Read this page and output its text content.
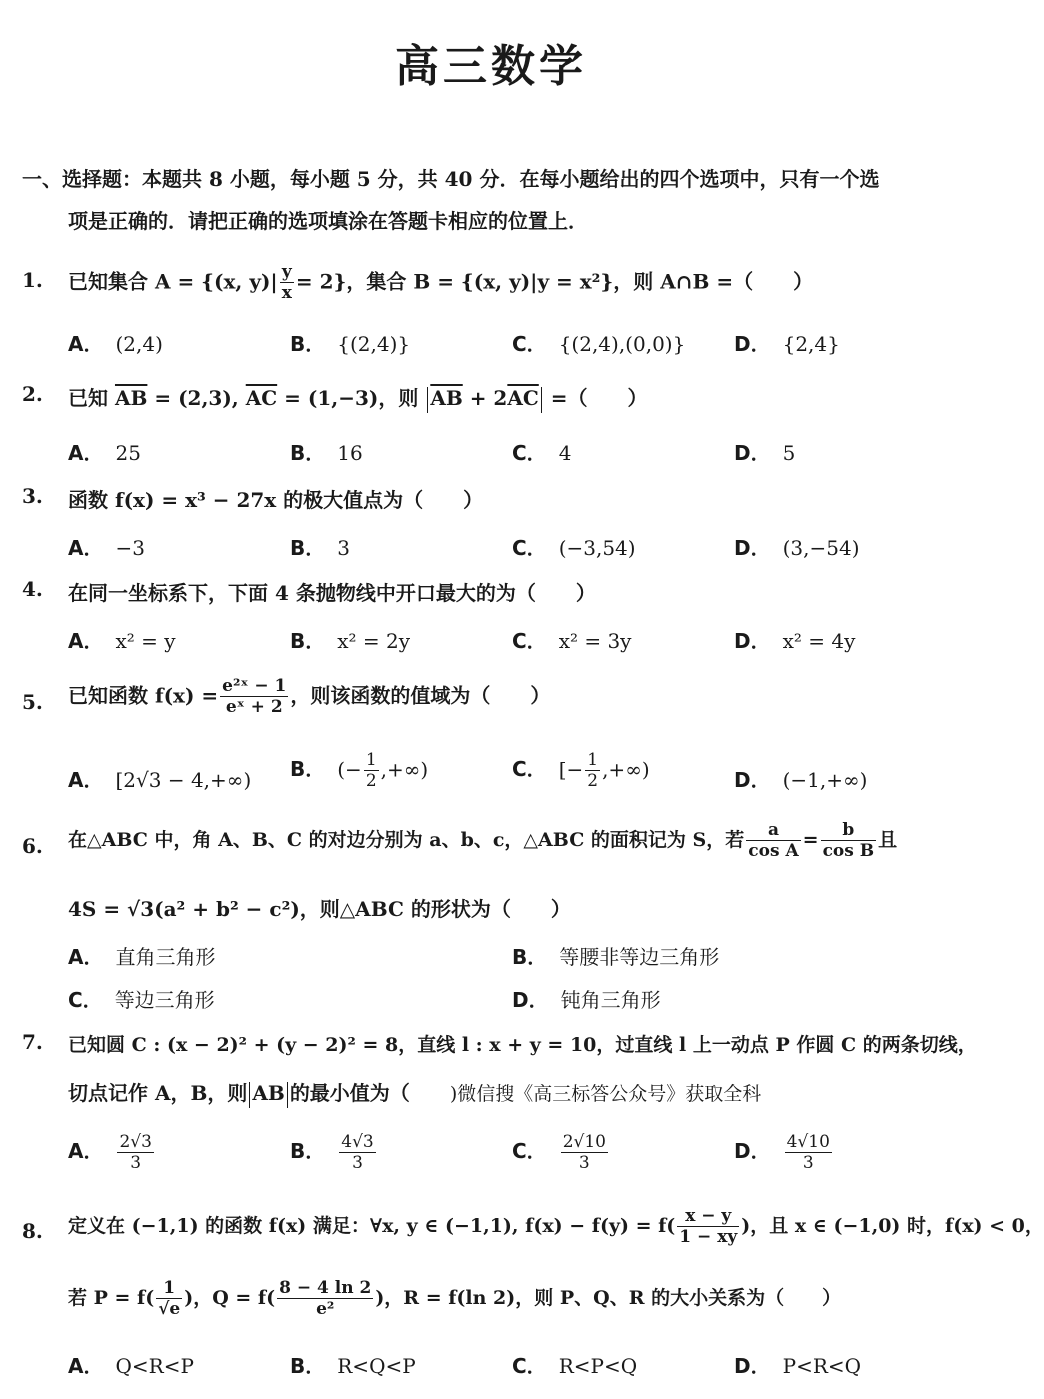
高三数学
一、选择题：本题共 8 小题，每小题 5 分，共 40 分．在每小题给出的四个选项中，只有一个选
项是正确的．请把正确的选项填涂在答题卡相应的位置上．
1. 已知集合 A = {(x, $y)| \frac{y}{x} = 2$}，集合 B = {(x, y)|y = x²}，则 A∩B =（　　）
A． (2,4)	B． {(2,4)}	C． {(2,4),(0,0)} D． {2,4}
2. 已知 $\overline{AB} = (2,3)$, $\overline{AC} = (1,-3)$，则 $\overline{AB} + 2\overline{AC}$ =（　　）
A． 25	B． 16	C． 4	D． 5
3. 函数 f(x) = x³ − 27x 的极大值点为（　　）
A． −3	B． 3	C． (−3,54)	D． (3,−54)
4. 在同一坐标系下，下面 4 条抛物线中开口最大的为（　　）
A． x² = y	B． x² = 2y	C． x² = 3y	D． x² = 4y
5. 已知函数 $f(x) = \frac{\text{e²ˣ − 1}}{\text{eˣ + 2}}$ ，则该函数的值域为（　　）
A． [2√3 − 4,+∞) B． (− $\frac{1}{2}$ ,+∞)	C． [− $\frac{1}{2}$ ,+∞)	D． (−1,+∞)
6. 在△ABC 中，角 A、B、C 的对边分别为 a、b、c，△ABC 的面积记为 S，若 $\frac{a}{\text{cos A}} = \frac{b}{\text{cos B}}$ 且
4S = √3(a² + b² − c²)，则△ABC 的形状为（　　）
A． 直角三角形	B． 等腰非等边三角形
C． 等边三角形	D． 钝角三角形
7. 已知圆 C : (x − 2)² + (y − 2)² = 8，直线 l : x + y = 10，过直线 l 上一动点 P 作圆 C 的两条切线，
切点记作 A，B，则 AB 的最小值为（　　)微信搜《高三标答公众号》获取全科
A． $\frac{2√3}{3}$	B． $\frac{4√3}{3}$	C． $\frac{2√10}{3}$	D． $\frac{4√10}{3}$
8. 定义在 (−1,1) 的函数 f(x) 满足：∀x, y ∈ (−1,1), $f(x) - f(y) = f( \frac{x - y}{1 - xy}$ )，且 x ∈ (−1,0) 时，f(x) < 0，
若 $P = f( \frac{1}{√e}$ )，$Q = f( \frac{8 - 4 \ln 2}{\text{e²}}$ )，R = f(ln 2)，则 P、Q、R 的大小关系为（　　）
A． Q<R<P	B． R<Q<P	C． R<P<Q	D． P<R<Q
